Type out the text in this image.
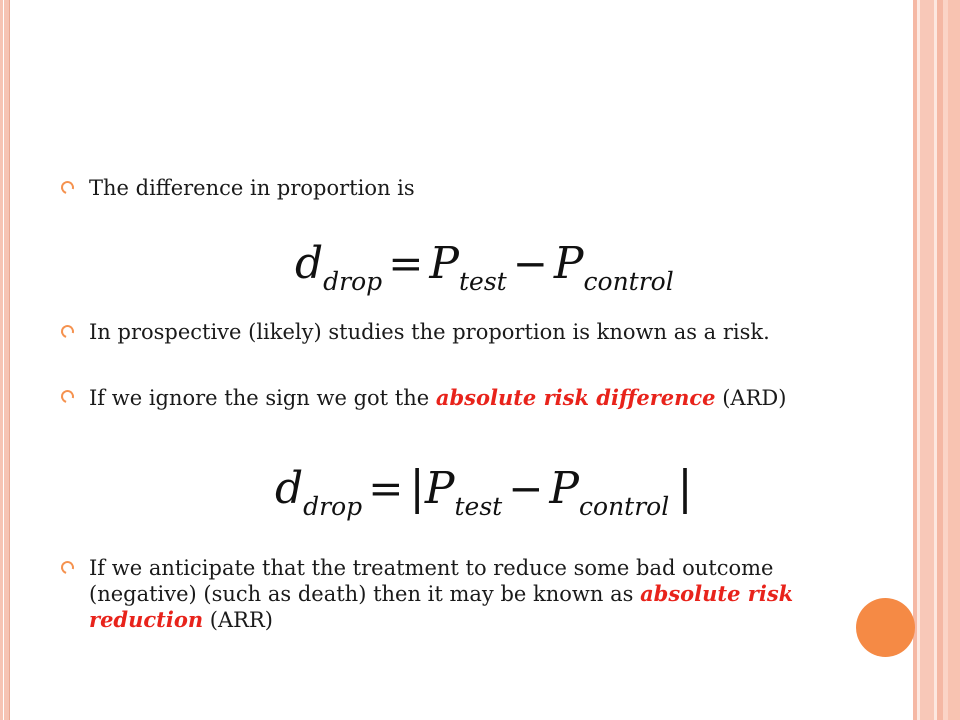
The difference in proportion is
ddrop = Ptest − Pcontrol
In prospective (likely) studies the proportion is known as a risk.
If we ignore the sign we got the absolute risk difference (ARD)
ddrop = |Ptest − Pcontrol |
If we anticipate that the treatment to reduce some bad outcome (negative) (such as death) then it may be known as absolute risk reduction (ARR)
